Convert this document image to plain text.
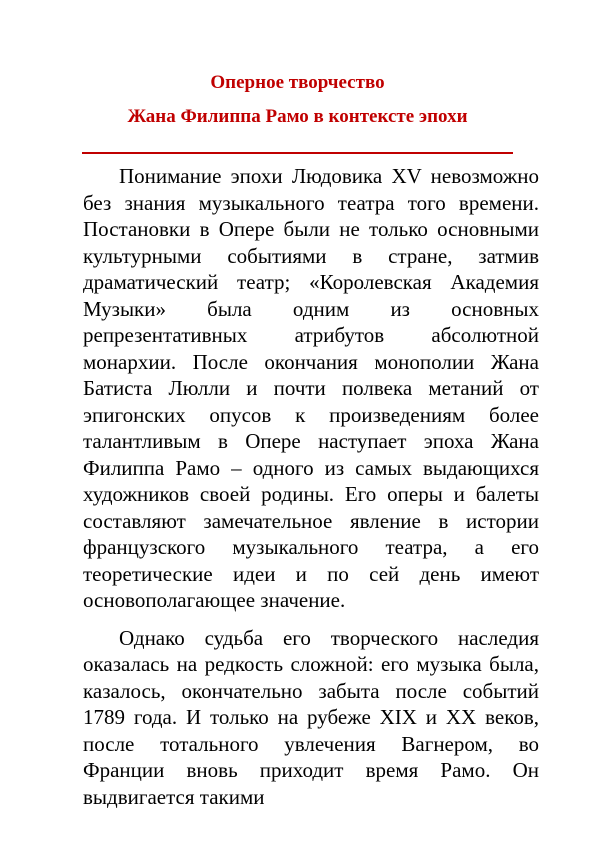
Оперное творчество
Жана Филиппа Рамо в контексте эпохи

Понимание эпохи Людовика XV невозможно без знания музыкального театра того времени. Постановки в Опере были не только основными культурными событиями в стране, затмив драматический театр; «Королевская Академия Музыки» была одним из основных репрезентативных атрибутов абсолютной монархии. После окончания монополии Жана Батиста Люлли и почти полвека метаний от эпигонских опусов к произведениям более талантливым в Опере наступает эпоха Жана Филиппа Рамо – одного из самых выдающихся художников своей родины. Его оперы и балеты составляют замечательное явление в истории французского музыкального театра, а его теоретические идеи и по сей день имеют основополагающее значение.

Однако судьба его творческого наследия оказалась на редкость сложной: его музыка была, казалось, окончательно забыта после событий 1789 года. И только на рубеже XIX и XX веков, после тотального увлечения Вагнером, во Франции вновь приходит время Рамо. Он выдвигается такими
